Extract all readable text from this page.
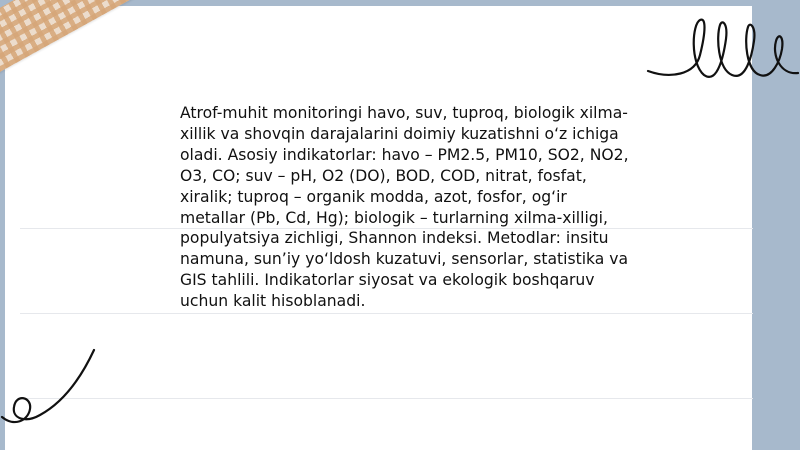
Atrof-muhit monitoringi havo, suv, tuproq, biologik xilma-xillik va shovqin darajalarini doimiy kuzatishni o‘z ichiga oladi. Asosiy indikatorlar: havo – PM2.5, PM10, SO2, NO2, O3, CO; suv – pH, O2 (DO), BOD, COD, nitrat, fosfat, xiralik; tuproq – organik modda, azot, fosfor, og‘ir metallar (Pb, Cd, Hg); biologik – turlarning xilma-xilligi, populyatsiya zichligi, Shannon indeksi. Metodlar: insitu namuna, sun’iy yo‘ldosh kuzatuvi, sensorlar, statistika va GIS tahlili. Indikatorlar siyosat va ekologik boshqaruv uchun kalit hisoblanadi.
